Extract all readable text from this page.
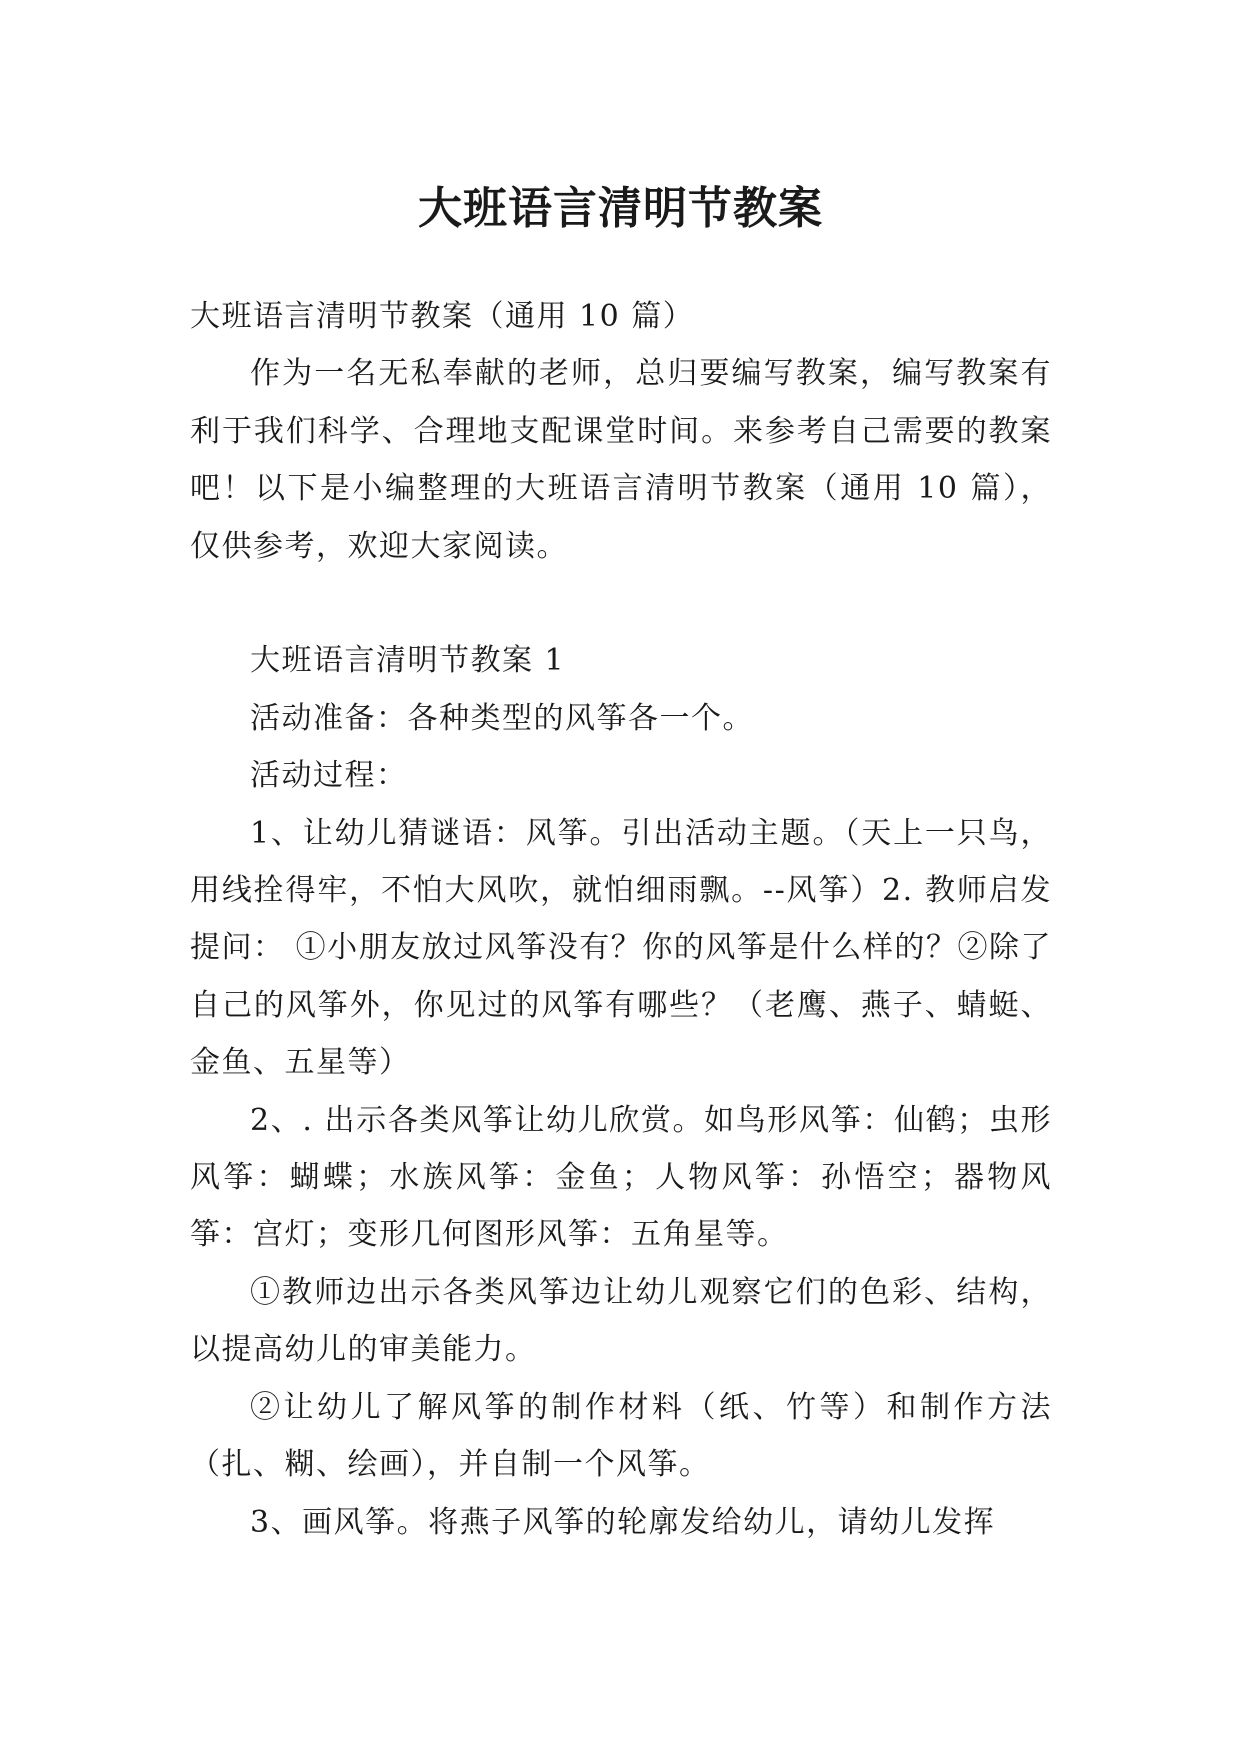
大班语言清明节教案

大班语言清明节教案（通用 10 篇）

作为一名无私奉献的老师，总归要编写教案，编写教案有利于我们科学、合理地支配课堂时间。来参考自己需要的教案吧！以下是小编整理的大班语言清明节教案（通用 10 篇），仅供参考，欢迎大家阅读。

大班语言清明节教案 1

活动准备：各种类型的风筝各一个。

活动过程：

1、让幼儿猜谜语：风筝。引出活动主题。（天上一只鸟，用线拴得牢，不怕大风吹，就怕细雨飘。--风筝）2. 教师启发提问： ①小朋友放过风筝没有？你的风筝是什么样的？②除了自己的风筝外，你见过的风筝有哪些？（老鹰、燕子、蜻蜓、金鱼、五星等）

2、. 出示各类风筝让幼儿欣赏。如鸟形风筝：仙鹤；虫形风筝：蝴蝶；水族风筝：金鱼；人物风筝：孙悟空；器物风筝：宫灯；变形几何图形风筝：五角星等。

①教师边出示各类风筝边让幼儿观察它们的色彩、结构，以提高幼儿的审美能力。

②让幼儿了解风筝的制作材料（纸、竹等）和制作方法（扎、糊、绘画），并自制一个风筝。

3、画风筝。将燕子风筝的轮廓发给幼儿，请幼儿发挥
